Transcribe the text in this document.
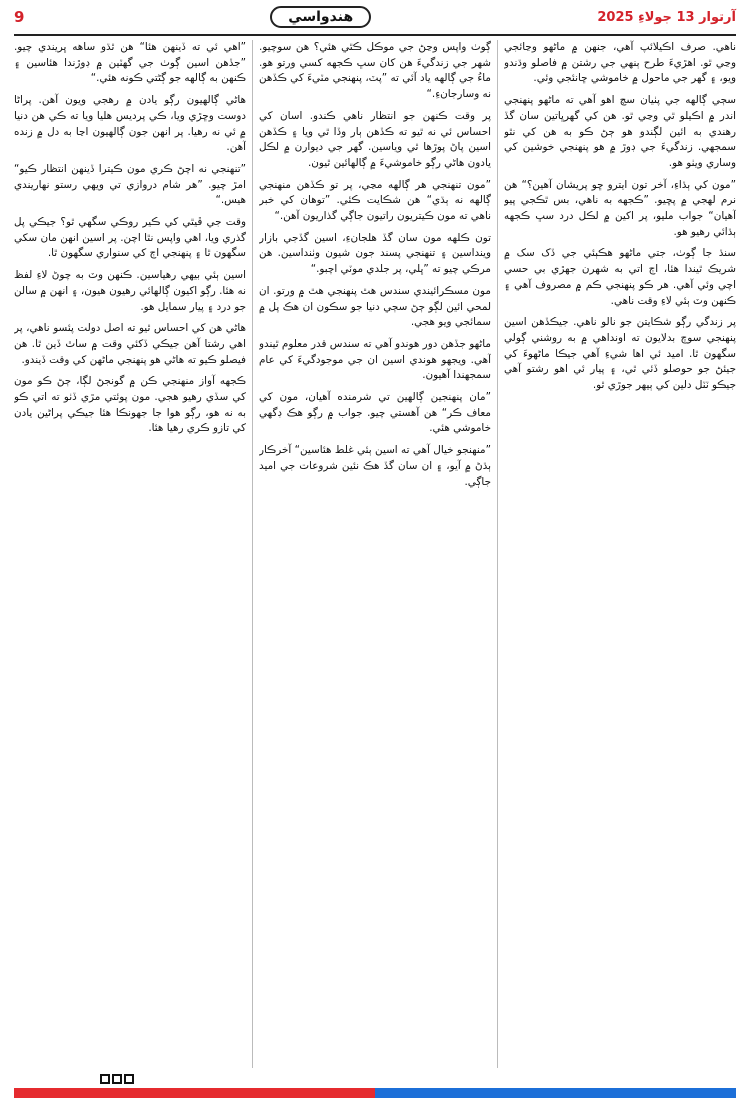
9	هندواسي	آرتوار 13 جولاءِ 2025

ناهي. صرف اڪيلائپ آهي، جنهن ۾ ماڻهو وڃائجي وڃي ٿو. اهڙيءَ طرح ٻنهي جي رشتن ۾ فاصلو وڌندو ويو، ۽ گهر جي ماحول ۾ خاموشي ڇانئجي وئي.

سڄي ڳالهه جي پٺيان سچ اهو آهي ته ماڻهو پنهنجي اندر ۾ اڪيلو ٿي وڃي ٿو. هن کي گهرڀاتين سان گڏ رهندي به ائين لڳندو هو ڄڻ ڪو به هن کي نٿو سمجهي. زندگيءَ جي ڊوڙ ۾ هو پنهنجي خوشين کي وساري ويٺو هو.

”مون کي ٻڌاءِ، آخر تون ايترو ڇو پريشان آهين؟“ هن نرم لهجي ۾ پڇيو. ”ڪجهه به ناهي، بس ٿڪجي پيو آهيان“ جواب مليو، پر اکين ۾ لڪل درد سڀ ڪجهه ٻڌائي رهيو هو.

سنڌ جا ڳوٺ، جتي ماڻهو هڪٻئي جي ڏک سک ۾ شريڪ ٿيندا هئا، اڄ اتي به شهرن جهڙي بي حسي اچي وئي آهي. هر ڪو پنهنجي ڪم ۾ مصروف آهي ۽ ڪنهن وٽ ٻئي لاءِ وقت ناهي.

پر زندگي رڳو شڪايتن جو نالو ناهي. جيڪڏهن اسين پنهنجي سوچ بدلايون ته اونداهي ۾ به روشني ڳولي سگهون ٿا. اميد ئي اها شيءِ آهي جيڪا ماڻهوءَ کي جيئڻ جو حوصلو ڏئي ٿي، ۽ پيار ئي اهو رشتو آهي جيڪو ٽٽل دلين کي ٻيهر جوڙي ٿو.

ڳوٺ واپس وڃڻ جي موڪل ڪٿي هئي؟ هن سوچيو. شهر جي زندگيءَ هن کان سڀ ڪجهه کسي ورتو هو. ماءُ جي ڳالهه ياد آئي ته ”پٽ، پنهنجي مٽيءَ کي ڪڏهن نه وسارجانءِ.“

پر وقت ڪنهن جو انتظار ناهي ڪندو. اسان کي احساس ئي نه ٿيو ته ڪڏهن ٻار وڏا ٿي ويا ۽ ڪڏهن اسين پاڻ پوڙها ٿي وياسين. گهر جي ديوارن ۾ لڪل يادون هاڻي رڳو خاموشيءَ ۾ ڳالهائين ٿيون.

”مون تنهنجي هر ڳالهه مڃي، پر تو ڪڏهن منهنجي ڳالهه نه ٻڌي“ هن شڪايت ڪئي. ”توهان کي خبر ناهي ته مون ڪيتريون راتيون جاڳي گذاريون آهن.“

تون ڪلهه مون سان گڏ هلجانءِ، اسين گڏجي بازار وينداسين ۽ تنهنجي پسند جون شيون وٺنداسين. هن مرڪي چيو ته ”ڀلي، پر جلدي موٽي اچبو.“

مون مسڪرائيندي سندس هٿ پنهنجي هٿ ۾ ورتو. ان لمحي ائين لڳو ڄڻ سڄي دنيا جو سڪون ان هڪ پل ۾ سمائجي ويو هجي.

ماڻهو جڏهن دور هوندو آهي ته سندس قدر معلوم ٿيندو آهي. ويجهو هوندي اسين ان جي موجودگيءَ کي عام سمجهندا آهيون.

”مان پنهنجين ڳالهين تي شرمنده آهيان، مون کي معاف ڪر“ هن آهستي چيو. جواب ۾ رڳو هڪ ڊگهي خاموشي هئي.

”منهنجو خيال آهي ته اسين ٻئي غلط هئاسين“ آخرڪار ٻڌڻ ۾ آيو، ۽ ان سان گڏ هڪ نئين شروعات جي اميد جاڳي.

”اهي ئي ته ڏينهن هئا“ هن ٿڌو ساهه ڀريندي چيو. ”جڏهن اسين ڳوٺ جي گهٽين ۾ ڊوڙندا هئاسين ۽ ڪنهن به ڳالهه جو ڳڻتي ڪونه هئي.“

هاڻي ڳالهيون رڳو يادن ۾ رهجي ويون آهن. پراڻا دوست وڇڙي ويا، ڪي پرديس هليا ويا ته ڪي هن دنيا ۾ ئي نه رهيا. پر انهن جون ڳالهيون اڃا به دل ۾ زنده آهن.

”تنهنجي نه اچڻ ڪري مون ڪيترا ڏينهن انتظار ڪيو“ امڙ چيو. ”هر شام دروازي تي ويهي رستو نهاريندي هيس.“

وقت جي ڦيٿي کي ڪير روڪي سگهي ٿو؟ جيڪي پل گذري ويا، اهي واپس نٿا اچن. پر اسين انهن مان سکي سگهون ٿا ۽ پنهنجي اڄ کي سنواري سگهون ٿا.

اسين ٻئي بيهي رهياسين. ڪنهن وٽ به چوڻ لاءِ لفظ نه هئا. رڳو اکيون ڳالهائي رهيون هيون، ۽ انهن ۾ سالن جو درد ۽ پيار سمايل هو.

هاڻي هن کي احساس ٿيو ته اصل دولت پئسو ناهي، پر اهي رشتا آهن جيڪي ڏکئي وقت ۾ ساٿ ڏين ٿا. هن فيصلو ڪيو ته هاڻي هو پنهنجي ماڻهن کي وقت ڏيندو.

ڪجهه آواز منهنجي ڪن ۾ گونجڻ لڳا، ڄڻ ڪو مون کي سڏي رهيو هجي. مون پوئتي مڙي ڏٺو ته اتي ڪو به نه هو، رڳو هوا جا جهونڪا هئا جيڪي پراڻين يادن کي تازو ڪري رهيا هئا.
